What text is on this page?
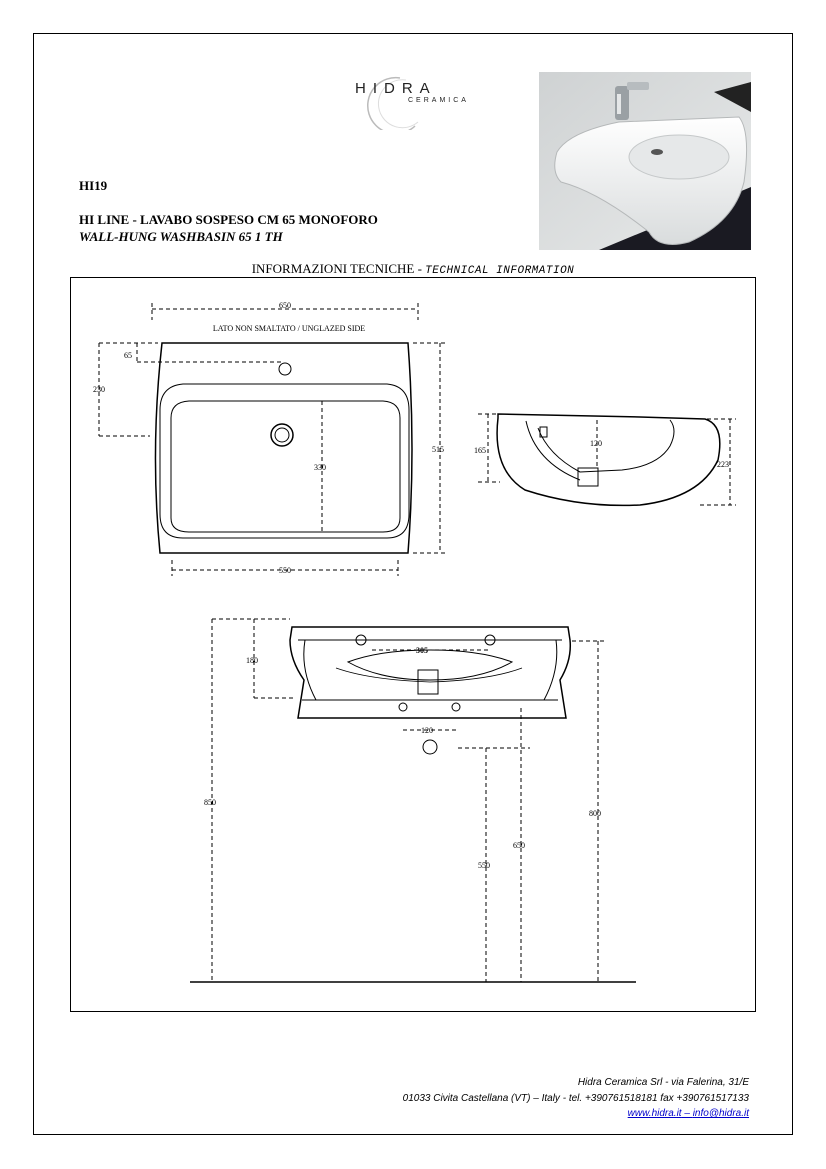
HIDRA
CERAMICA
HI19
HI LINE - LAVABO SOSPESO CM 65 MONOFORO
WALL-HUNG WASHBASIN 65 1 TH
INFORMAZIONI TECNICHE - TECHNICAL INFORMATION
650
LATO NON SMALTATO / UNGLAZED SIDE
65
230
330
515
550
165
120
223
180
305
120
850
800
650
550
Hidra Ceramica Srl - via Falerina, 31/E
01033 Civita Castellana (VT) – Italy - tel. +390761518181 fax +390761517133
www.hidra.it – info@hidra.it
